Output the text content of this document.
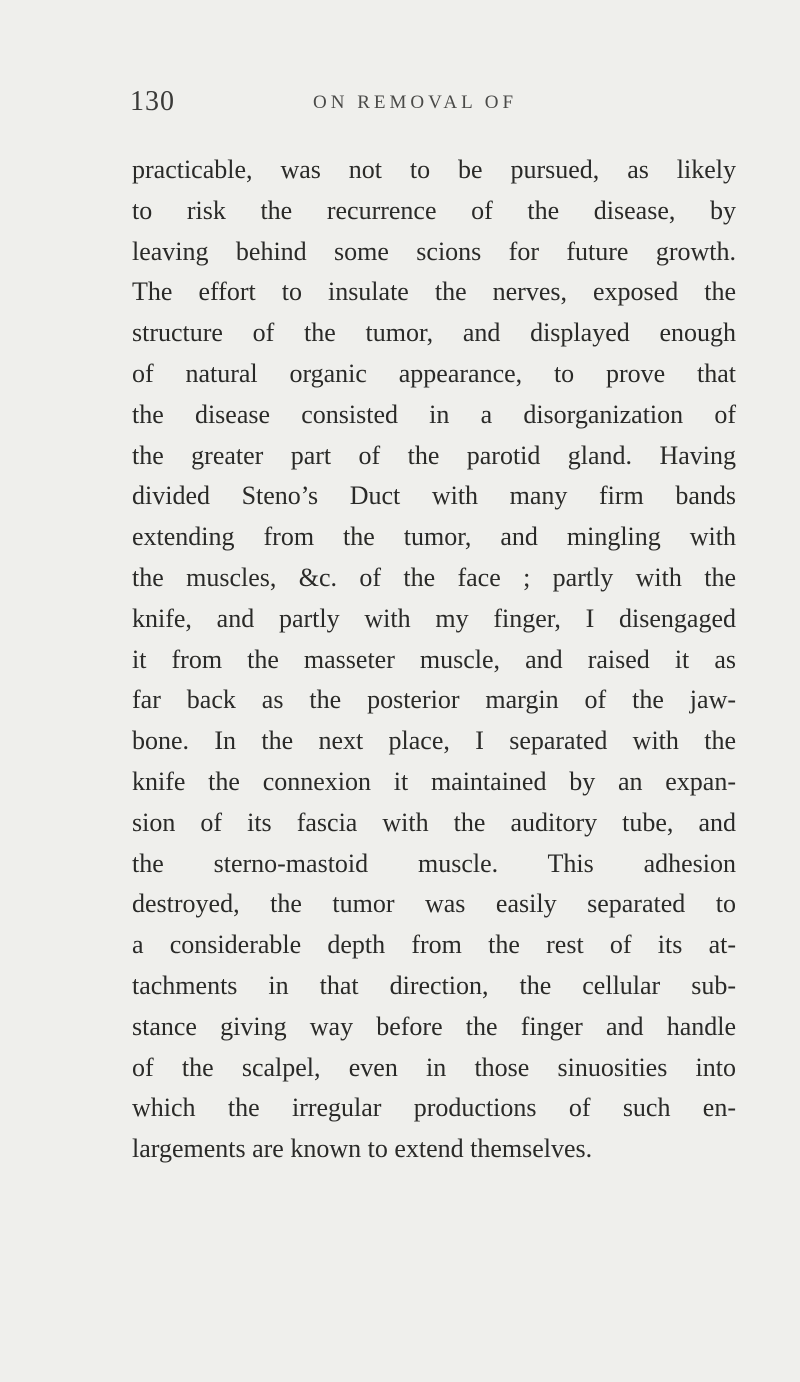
130	ON REMOVAL OF
practicable, was not to be pursued, as likely
to risk the recurrence of the disease, by
leaving behind some scions for future growth.
The effort to insulate the nerves, exposed the
structure of the tumor, and displayed enough
of natural organic appearance, to prove that
the disease consisted in a disorganization of
the greater part of the parotid gland. Having
divided Steno’s Duct with many firm bands
extending from the tumor, and mingling with
the muscles, &c. of the face ; partly with the
knife, and partly with my finger, I disengaged
it from the masseter muscle, and raised it as
far back as the posterior margin of the jaw-
bone. In the next place, I separated with the
knife the connexion it maintained by an expan-
sion of its fascia with the auditory tube, and
the sterno-mastoid muscle. This adhesion
destroyed, the tumor was easily separated to
a considerable depth from the rest of its at-
tachments in that direction, the cellular sub-
stance giving way before the finger and handle
of the scalpel, even in those sinuosities into
which the irregular productions of such en-
largements are known to extend themselves.
